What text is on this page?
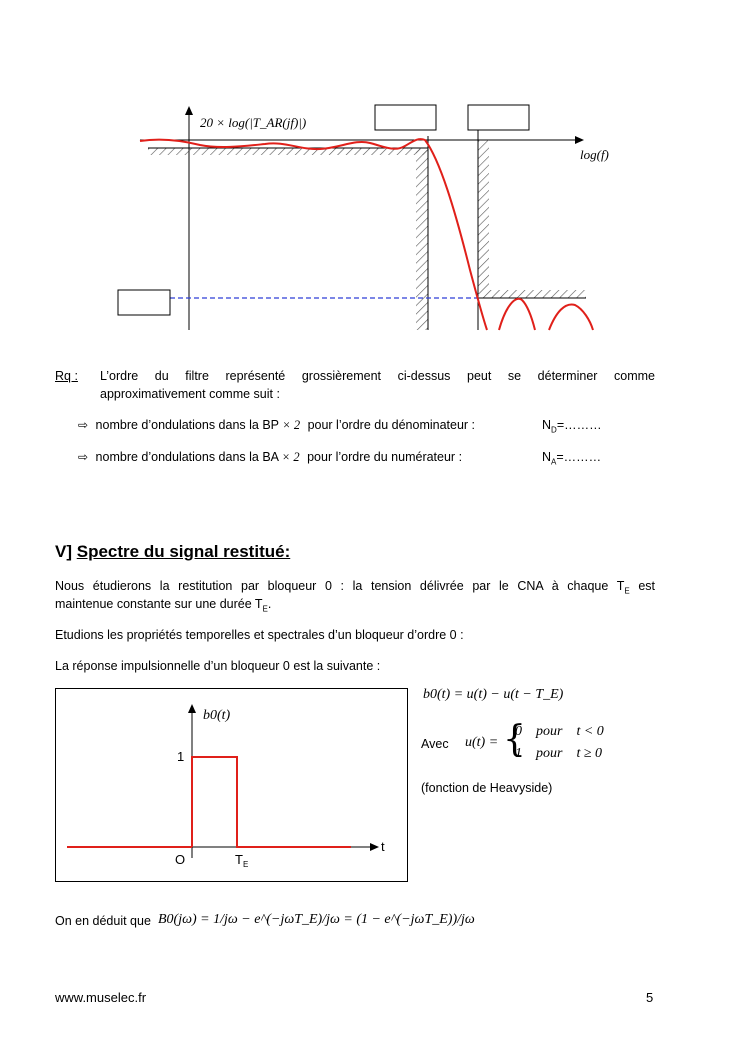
20 × log(|T_AR(jf)|)
log(f)
Rq : L’ordre du filtre représenté grossièrement ci-dessus peut se déterminer comme
approximativement comme suit :
⇨ nombre d’ondulations dans la BP × 2 pour l’ordre du dénominateur :	$N_D=\dots\dots\dots$
⇨ nombre d’ondulations dans la BA × 2 pour l’ordre du numérateur :	$N_A=\dots\dots\dots$
V] Spectre du signal restitué:
Nous étudierons la restitution par bloqueur 0 : la tension délivrée par le CNA à chaque $T_E$ est
maintenue constante sur une durée $T_E$.
Etudions les propriétés temporelles et spectrales d’un bloqueur d’ordre 0 :
La réponse impulsionnelle d’un bloqueur 0 est la suivante :
b0(t)
1
O	$T_E$
t
b0(t) = u(t) − u(t − T_E)
Avec u(t) = {
0    pour    t < 0
1    pour    t ≥ 0
(fonction de Heavyside)
On en déduit que B0(jω) = 1/jω − e^(−jωT_E)/jω = (1 − e^(−jωT_E))/jω
www.muselec.fr	5
